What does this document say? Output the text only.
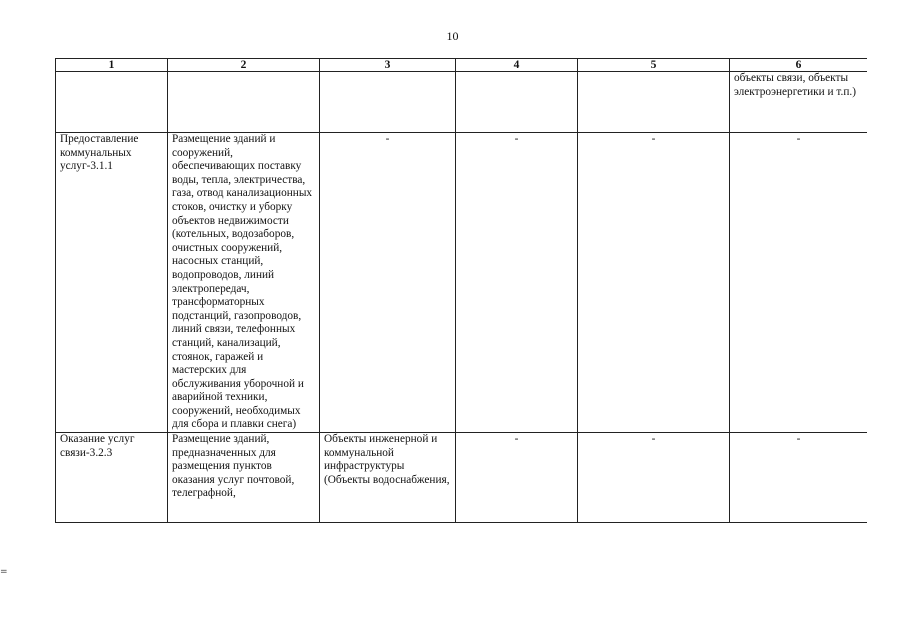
10
1	2	3	4	5	6
					объекты связи, объекты электроэнергетики и т.п.)
Предоставление коммунальных услуг-3.1.1	Размещение зданий и сооружений, обеспечивающих поставку воды, тепла, электричества, газа, отвод канализационных стоков, очистку и уборку объектов недвижимости (котельных, водозаборов, очистных сооружений, насосных станций, водопроводов, линий электропередач, трансформаторных подстанций, газопроводов, линий связи, телефонных станций, канализаций, стоянок, гаражей и мастерских для обслуживания уборочной и аварийной техники, сооружений, необходимых для сбора и плавки снега)	-	-	-	-
Оказание услуг связи-3.2.3	Размещение зданий, предназначенных для размещения пунктов оказания услуг почтовой, телеграфной,	Объекты инженерной и коммунальной инфраструктуры (Объекты водоснабжения,	-	-	-
=
